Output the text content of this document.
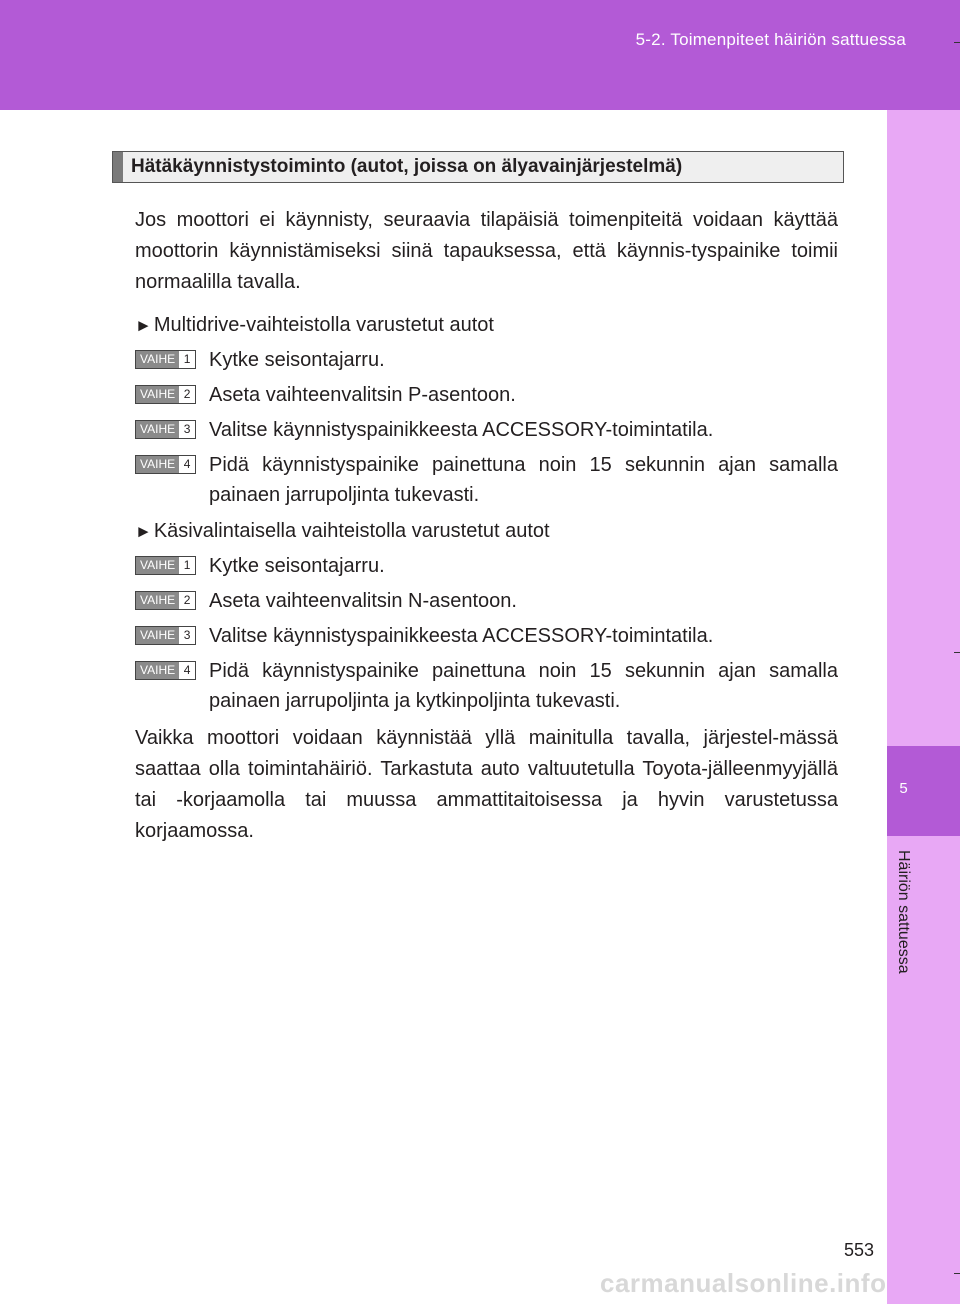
5-2. Toimenpiteet häiriön sattuessa
5
Häiriön sattuessa
Hätäkäynnistystoiminto (autot, joissa on älyavainjärjestelmä)
Jos moottori ei käynnisty, seuraavia tilapäisiä toimenpiteitä voidaan käyttää moottorin käynnistämiseksi siinä tapauksessa, että käynnis-tyspainike toimii normaalilla tavalla.
► Multidrive-vaihteistolla varustetut autot
VAIHE 1 Kytke seisontajarru.
VAIHE 2 Aseta vaihteenvalitsin P-asentoon.
VAIHE 3 Valitse käynnistyspainikkeesta ACCESSORY-toimintatila.
VAIHE 4 Pidä käynnistyspainike painettuna noin 15 sekunnin ajan samalla painaen jarrupoljinta tukevasti.
► Käsivalintaisella vaihteistolla varustetut autot
VAIHE 1 Kytke seisontajarru.
VAIHE 2 Aseta vaihteenvalitsin N-asentoon.
VAIHE 3 Valitse käynnistyspainikkeesta ACCESSORY-toimintatila.
VAIHE 4 Pidä käynnistyspainike painettuna noin 15 sekunnin ajan samalla painaen jarrupoljinta ja kytkinpoljinta tukevasti.
Vaikka moottori voidaan käynnistää yllä mainitulla tavalla, järjestel-mässä saattaa olla toimintahäiriö. Tarkastuta auto valtuutetulla Toyota-jälleenmyyjällä tai -korjaamolla tai muussa ammattitaitoisessa ja hyvin varustetussa korjaamossa.
553
carmanualsonline.info
